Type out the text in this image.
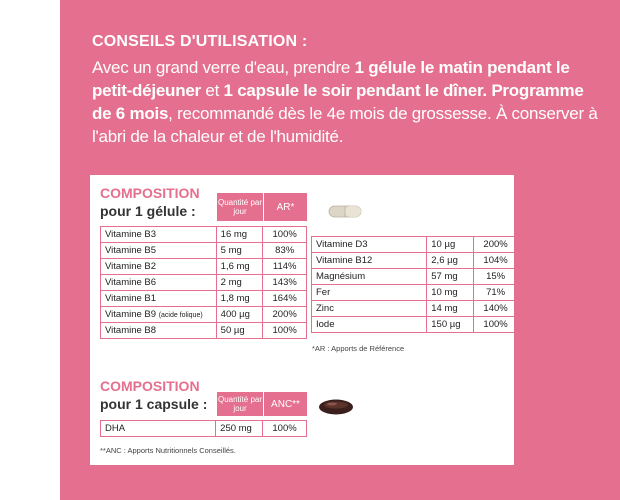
CONSEILS D'UTILISATION :
Avec un grand verre d'eau, prendre 1 gélule le matin pendant le petit-déjeuner et 1 capsule le soir pendant le dîner. Programme de 6 mois, recommandé dès le 4e mois de grossesse. À conserver à l'abri de la chaleur et de l'humidité.
COMPOSITION
pour 1 gélule :
Quantité par jour	AR*
Vitamine B3	16 mg	100%
Vitamine B5	5 mg	83%
Vitamine B2	1,6 mg	114%
Vitamine B6	2 mg	143%
Vitamine B1	1,8 mg	164%
Vitamine B9 (acide folique)	400 µg	200%
Vitamine B8	50 µg	100%
Vitamine D3	10 µg	200%
Vitamine B12	2,6 µg	104%
Magnésium	57 mg	15%
Fer	10 mg	71%
Zinc	14 mg	140%
Iode	150 µg	100%
*AR : Apports de Référence
COMPOSITION
pour 1 capsule : Quantité par jour	ANC**
DHA	250 mg	100%
**ANC : Apports Nutritionnels Conseillés.
